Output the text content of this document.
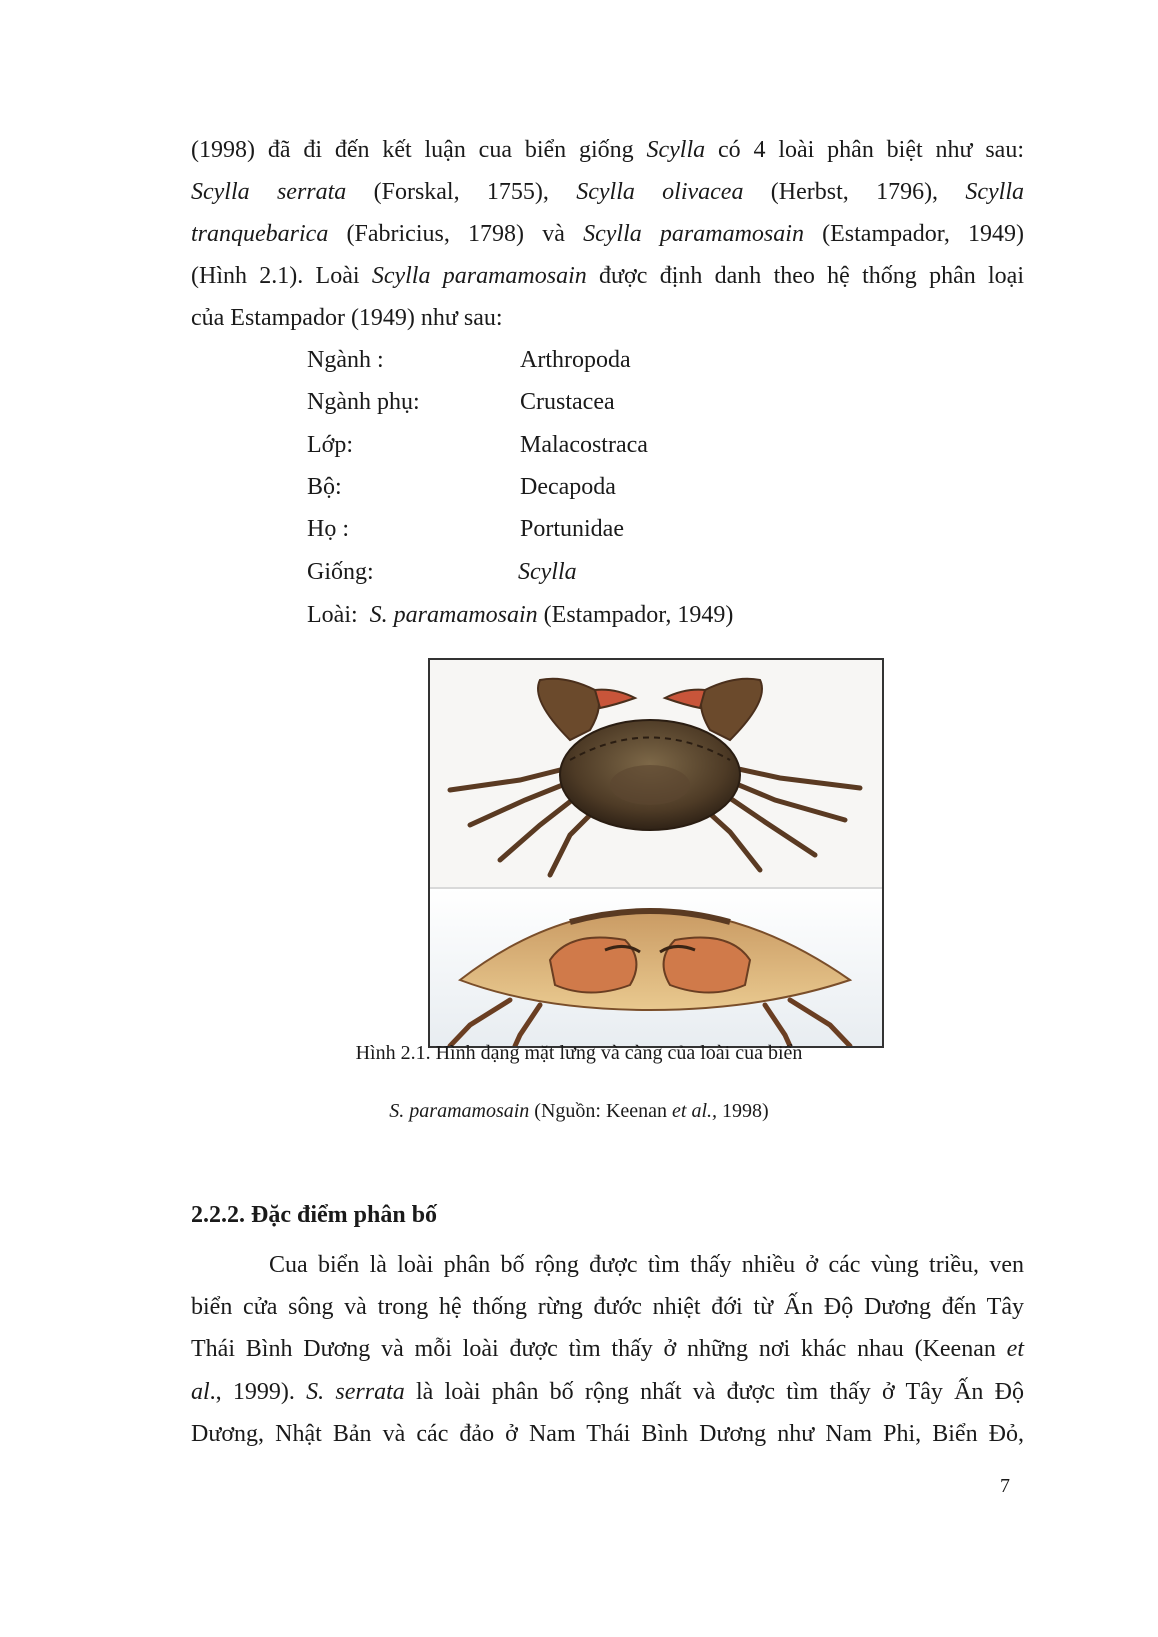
(1998) đã đi đến kết luận cua biển giống Scylla có 4 loài phân biệt như sau:
Scylla serrata (Forskal, 1755), Scylla olivacea (Herbst, 1796), Scylla
tranquebarica (Fabricius, 1798) và Scylla paramamosain (Estampador, 1949)
(Hình 2.1). Loài Scylla paramamosain được định danh theo hệ thống phân loại
của Estampador (1949) như sau:
Ngành :	Arthropoda
Ngành phụ:	Crustacea
Lớp:	Malacostraca
Bộ:	Decapoda
Họ :	Portunidae
Giống:	Scylla
Loài: S. paramamosain (Estampador, 1949)
Hình 2.1. Hình dạng mặt lưng và càng của loài cua biển
S. paramamosain (Nguồn: Keenan et al., 1998)
2.2.2. Đặc điểm phân bố
Cua biển là loài phân bố rộng được tìm thấy nhiều ở các vùng triều, ven
biển cửa sông và trong hệ thống rừng đước nhiệt đới từ Ấn Độ Dương đến Tây
Thái Bình Dương và mỗi loài được tìm thấy ở những nơi khác nhau (Keenan et
al., 1999). S. serrata là loài phân bố rộng nhất và được tìm thấy ở Tây Ấn Độ
Dương, Nhật Bản và các đảo ở Nam Thái Bình Dương như Nam Phi, Biển Đỏ,
7
